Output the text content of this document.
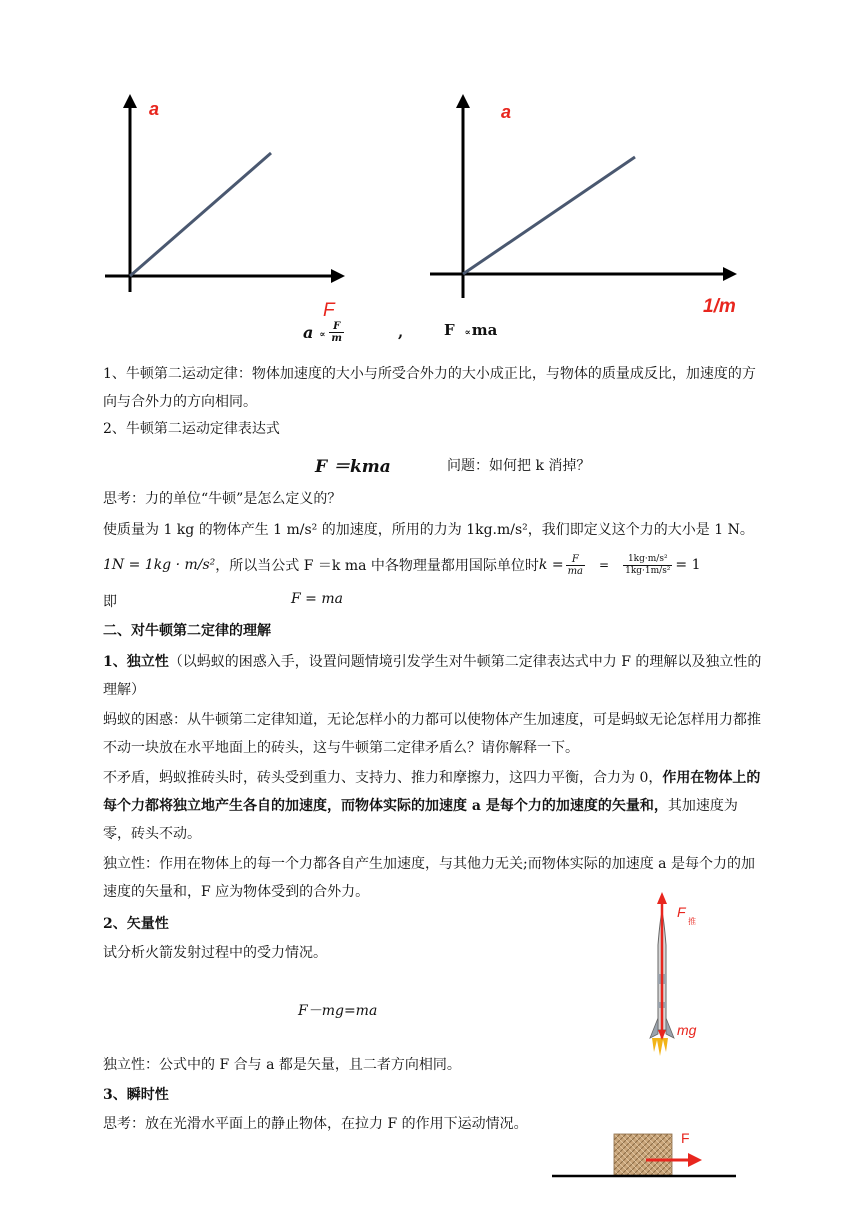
a
F
a
1/m
$a \propto \frac{F}{m}$	,	F ∝ ma
1、牛顿第二运动定律：物体加速度的大小与所受合外力的大小成正比，与物体的质量成反比，加速度的方向与合外力的方向相同。
2、牛顿第二运动定律表达式
F ＝kma	问题：如何把 k 消掉？
思考：力的单位“牛顿”是怎么定义的？
使质量为 1 kg 的物体产生 1 m/s² 的加速度，所用的力为 1kg.m/s²，我们即定义这个力的大小是 1 N。
1N = 1kg · m/s² ，所以当公式 F ＝k ma 中各物理量都用国际单位时 $k = \frac{F}{ma} = \frac{\text{1kg·m/s²}}{\text{1kg·1m/s²}} = 1$
即	F = ma
二、对牛顿第二定律的理解
1、独立性（以蚂蚁的困惑入手，设置问题情境引发学生对牛顿第二定律表达式中力 F 的理解以及独立性的理解）
蚂蚁的困惑：从牛顿第二定律知道，无论怎样小的力都可以使物体产生加速度，可是蚂蚁无论怎样用力都推不动一块放在水平地面上的砖头，这与牛顿第二定律矛盾么？请你解释一下。
不矛盾，蚂蚁推砖头时，砖头受到重力、支持力、推力和摩擦力，这四力平衡，合力为 0，作用在物体上的每个力都将独立地产生各自的加速度，而物体实际的加速度 a 是每个力的加速度的矢量和，其加速度为零，砖头不动。
独立性：作用在物体上的每一个力都各自产生加速度，与其他力无关;而物体实际的加速度 a 是每个力的加速度的矢量和，F 应为物体受到的合外力。
2、矢量性
试分析火箭发射过程中的受力情况。
F－mg=ma
独立性：公式中的 F 合与 a 都是矢量，且二者方向相同。
F
推
mg
3、瞬时性
思考：放在光滑水平面上的静止物体，在拉力 F 的作用下运动情况。
F
